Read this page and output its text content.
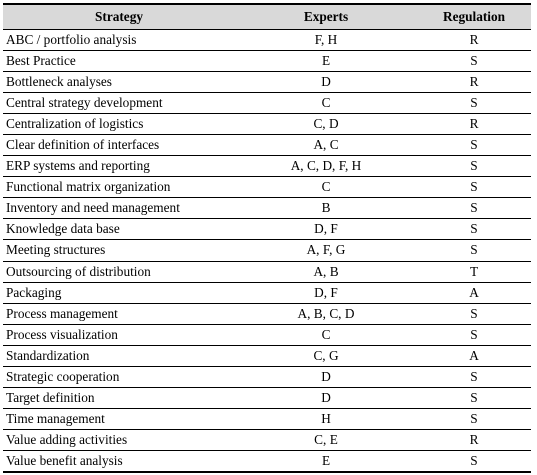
Strategy	Experts	Regulation
ABC / portfolio analysis	F, H	R
Best Practice	E	S
Bottleneck analyses	D	R
Central strategy development	C	S
Centralization of logistics	C, D	R
Clear definition of interfaces	A, C	S
ERP systems and reporting	A, C, D, F, H	S
Functional matrix organization	C	S
Inventory and need management	B	S
Knowledge data base	D, F	S
Meeting structures	A, F, G	S
Outsourcing of distribution	A, B	T
Packaging	D, F	A
Process management	A, B, C, D	S
Process visualization	C	S
Standardization	C, G	A
Strategic cooperation	D	S
Target definition	D	S
Time management	H	S
Value adding activities	C, E	R
Value benefit analysis	E	S
